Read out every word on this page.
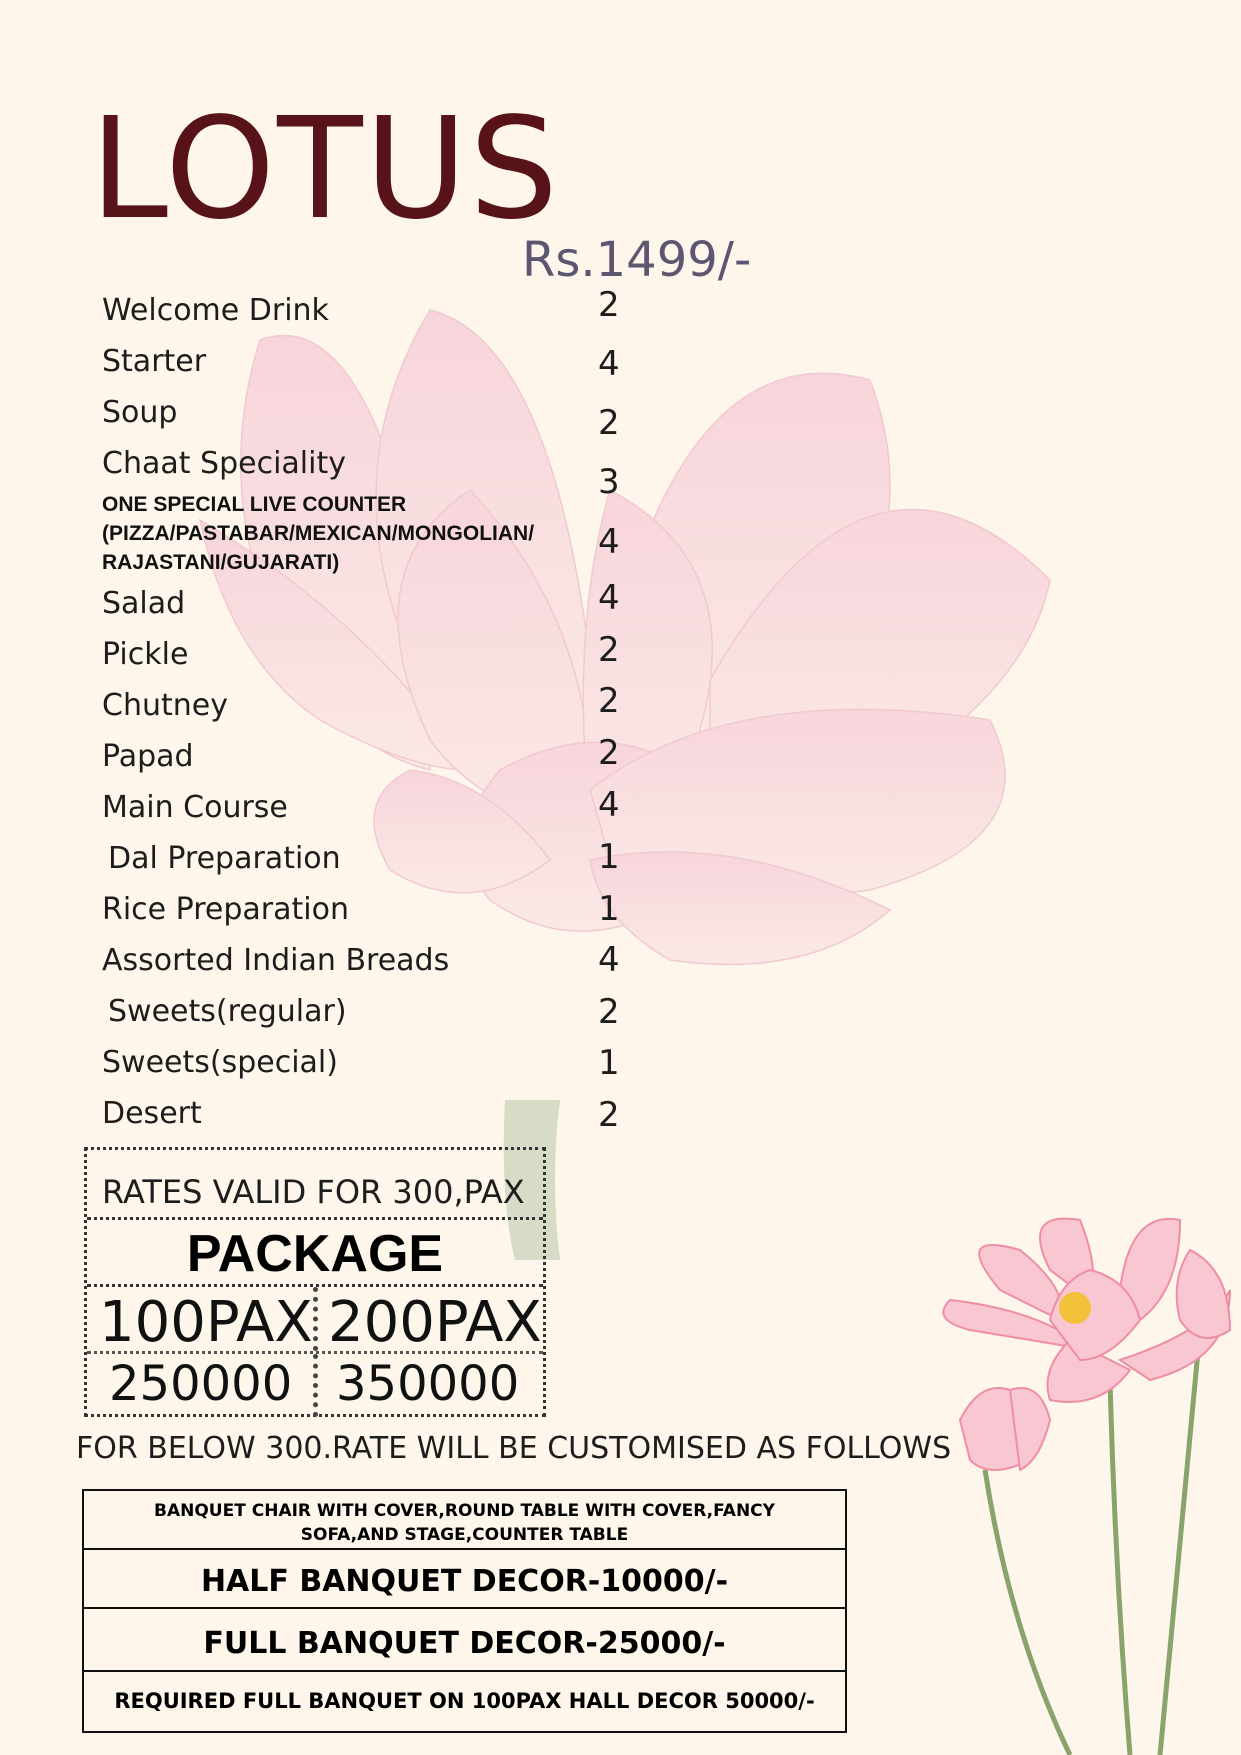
LOTUS
Rs.1499/-
Welcome Drink
Starter
Soup
Chaat Speciality
ONE SPECIAL LIVE COUNTER (PIZZA/PASTABAR/MEXICAN/MONGOLIAN/ RAJASTANI/GUJARATI)
Salad
Pickle
Chutney
Papad
Main Course
Dal Preparation
Rice Preparation
Assorted Indian Breads
Sweets(regular)
Sweets(special)
Desert
2
4
2
3
4
4
2
2
2
4
1
1
4
2
1
2
RATES VALID FOR 300,PAX
PACKAGE
100PAX 200PAX
250000 350000
FOR BELOW 300.RATE WILL BE CUSTOMISED AS FOLLOWS
BANQUET CHAIR WITH COVER,ROUND TABLE WITH COVER,FANCY SOFA,AND STAGE,COUNTER TABLE
HALF BANQUET DECOR-10000/-
FULL BANQUET DECOR-25000/-
REQUIRED FULL BANQUET ON 100PAX HALL DECOR 50000/-
